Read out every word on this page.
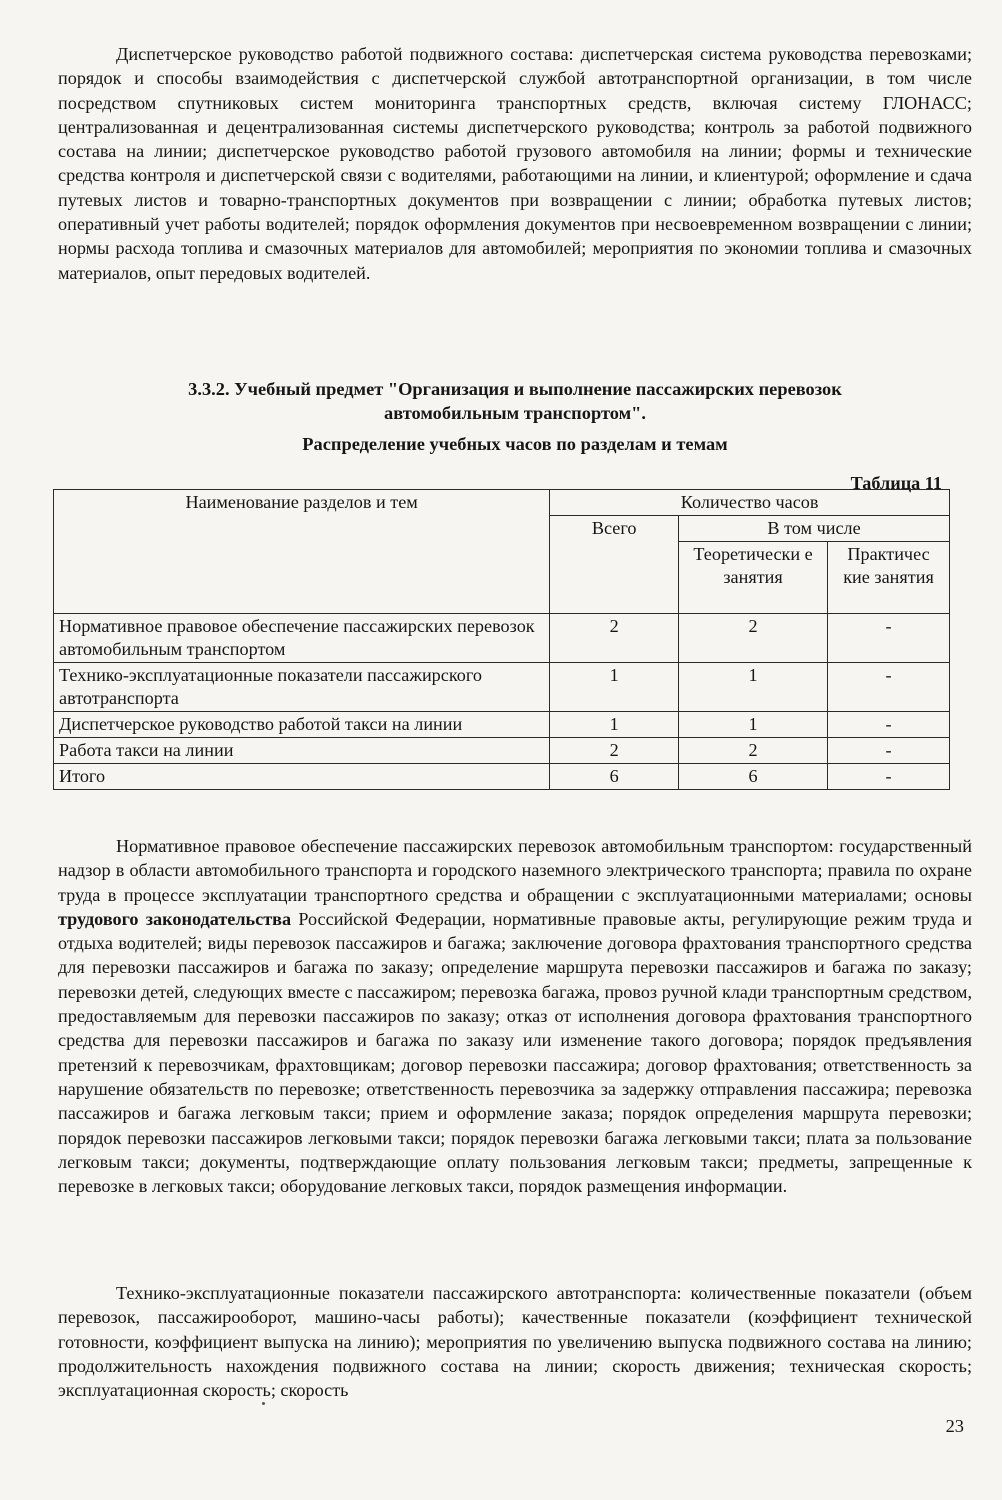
Диспетчерское руководство работой подвижного состава: диспетчерская система руководства перевозками; порядок и способы взаимодействия с диспетчерской службой автотранспортной организации, в том числе посредством спутниковых систем мониторинга транспортных средств, включая систему ГЛОНАСС; централизованная и децентрализованная системы диспетчерского руководства; контроль за работой подвижного состава на линии; диспетчерское руководство работой грузового автомобиля на линии; формы и технические средства контроля и диспетчерской связи с водителями, работающими на линии, и клиентурой; оформление и сдача путевых листов и товарно-транспортных документов при возвращении с линии; обработка путевых листов; оперативный учет работы водителей; порядок оформления документов при несвоевременном возвращении с линии; нормы расхода топлива и смазочных материалов для автомобилей; мероприятия по экономии топлива и смазочных материалов, опыт передовых водителей.

3.3.2. Учебный предмет "Организация и выполнение пассажирских перевозок
автомобильным транспортом".

Распределение учебных часов по разделам и темам

Таблица 11

Наименование разделов и тем	Количество часов		
	Всего	В том числе	
		Теоретически е занятия	Практичес кие занятия
Нормативное правовое обеспечение пассажирских перевозок автомобильным транспортом	2	2	-
Технико-эксплуатационные показатели пассажирского автотранспорта	1	1	-
Диспетчерское руководство работой такси на линии	1	1	-
Работа такси на линии	2	2	-
Итого	6	6	-

Нормативное правовое обеспечение пассажирских перевозок автомобильным транспортом: государственный надзор в области автомобильного транспорта и городского наземного электрического транспорта; правила по охране труда в процессе эксплуатации транспортного средства и обращении с эксплуатационными материалами; основы трудового законодательства Российской Федерации, нормативные правовые акты, регулирующие режим труда и отдыха водителей; виды перевозок пассажиров и багажа; заключение договора фрахтования транспортного средства для перевозки пассажиров и багажа по заказу; определение маршрута перевозки пассажиров и багажа по заказу; перевозки детей, следующих вместе с пассажиром; перевозка багажа, провоз ручной клади транспортным средством, предоставляемым для перевозки пассажиров по заказу; отказ от исполнения договора фрахтования транспортного средства для перевозки пассажиров и багажа по заказу или изменение такого договора; порядок предъявления претензий к перевозчикам, фрахтовщикам; договор перевозки пассажира; договор фрахтования; ответственность за нарушение обязательств по перевозке; ответственность перевозчика за задержку отправления пассажира; перевозка пассажиров и багажа легковым такси; прием и оформление заказа; порядок определения маршрута перевозки; порядок перевозки пассажиров легковыми такси; порядок перевозки багажа легковыми такси; плата за пользование легковым такси; документы, подтверждающие оплату пользования легковым такси; предметы, запрещенные к перевозке в легковых такси; оборудование легковых такси, порядок размещения информации.

Технико-эксплуатационные показатели пассажирского автотранспорта: количественные показатели (объем перевозок, пассажирооборот, машино-часы работы); качественные показатели (коэффициент технической готовности, коэффициент выпуска на линию); мероприятия по увеличению выпуска подвижного состава на линию; продолжительность нахождения подвижного состава на линии; скорость движения; техническая скорость; эксплуатационная скорость; скорость

23
